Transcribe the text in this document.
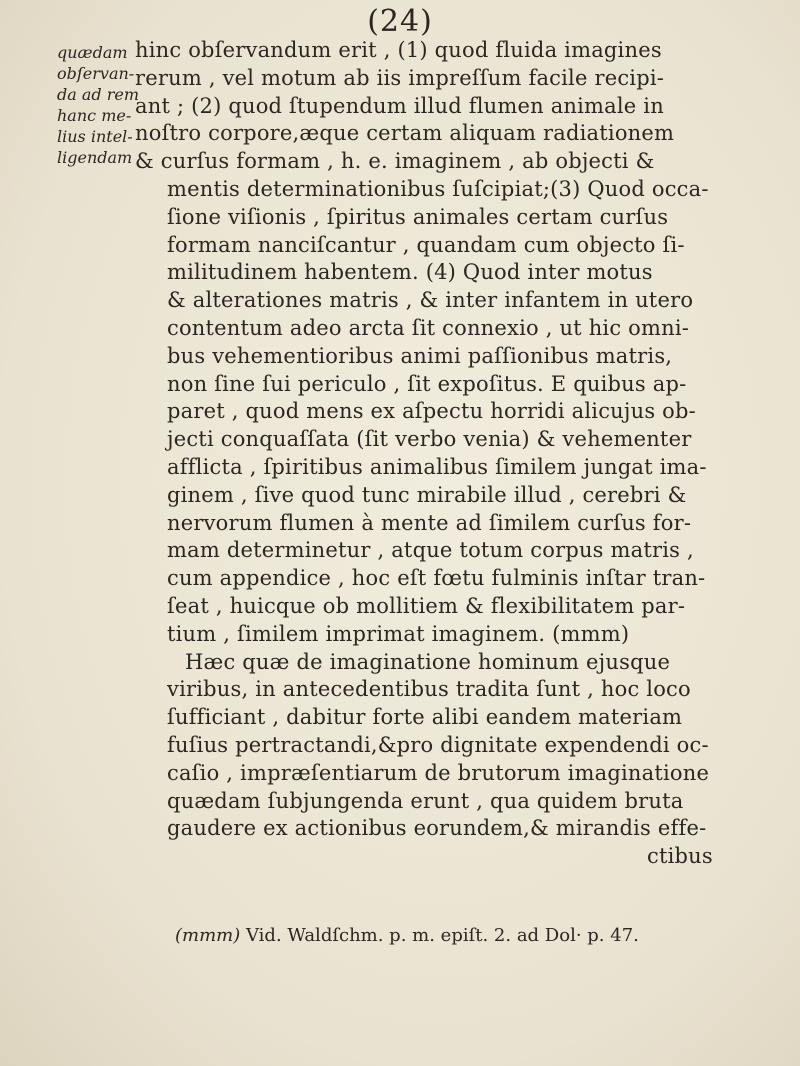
(24)
quædam
obſervan-
da ad rem
hanc me-
lius intel-
ligendam
hinc obſervandum erit , (1) quod fluida imagines
rerum , vel motum ab iis impreſſum facile recipi-
ant ; (2) quod ſtupendum illud flumen animale in
noſtro corpore,æque certam aliquam radiationem
& curſus formam , h. e. imaginem , ab objecti &
mentis determinationibus ſuſcipiat;(3) Quod occa-
ſione viſionis , ſpiritus animales certam curſus
formam nanciſcantur , quandam cum objecto ſi-
militudinem habentem. (4) Quod inter motus
& alterationes matris , & inter infantem in utero
contentum adeo arcta ſit connexio , ut hic omni-
bus vehementioribus animi paſſionibus matris,
non ſine ſui periculo , ſit expoſitus. E quibus ap-
paret , quod mens ex aſpectu horridi alicujus ob-
jecti conquaſſata (ſit verbo venia) & vehementer
afflicta , ſpiritibus animalibus ſimilem jungat ima-
ginem , ſive quod tunc mirabile illud , cerebri &
nervorum flumen à mente ad ſimilem curſus for-
mam determinetur , atque totum corpus matris ,
cum appendice , hoc eſt fœtu fulminis inſtar tran-
ſeat , huicque ob mollitiem & flexibilitatem par-
tium , ſimilem imprimat imaginem. (mmm)
Hæc quæ de imaginatione hominum ejusque
viribus, in antecedentibus tradita ſunt , hoc loco
ſufficiant , dabitur forte alibi eandem materiam
fuſius pertractandi,&pro dignitate expendendi oc-
caſio , impræſentiarum de brutorum imaginatione
quædam ſubjungenda erunt , qua quidem bruta
gaudere ex actionibus eorundem,& mirandis effe-
ctibus
(mmm) Vid. Waldſchm. p. m. epiſt. 2. ad Dol· p. 47.
